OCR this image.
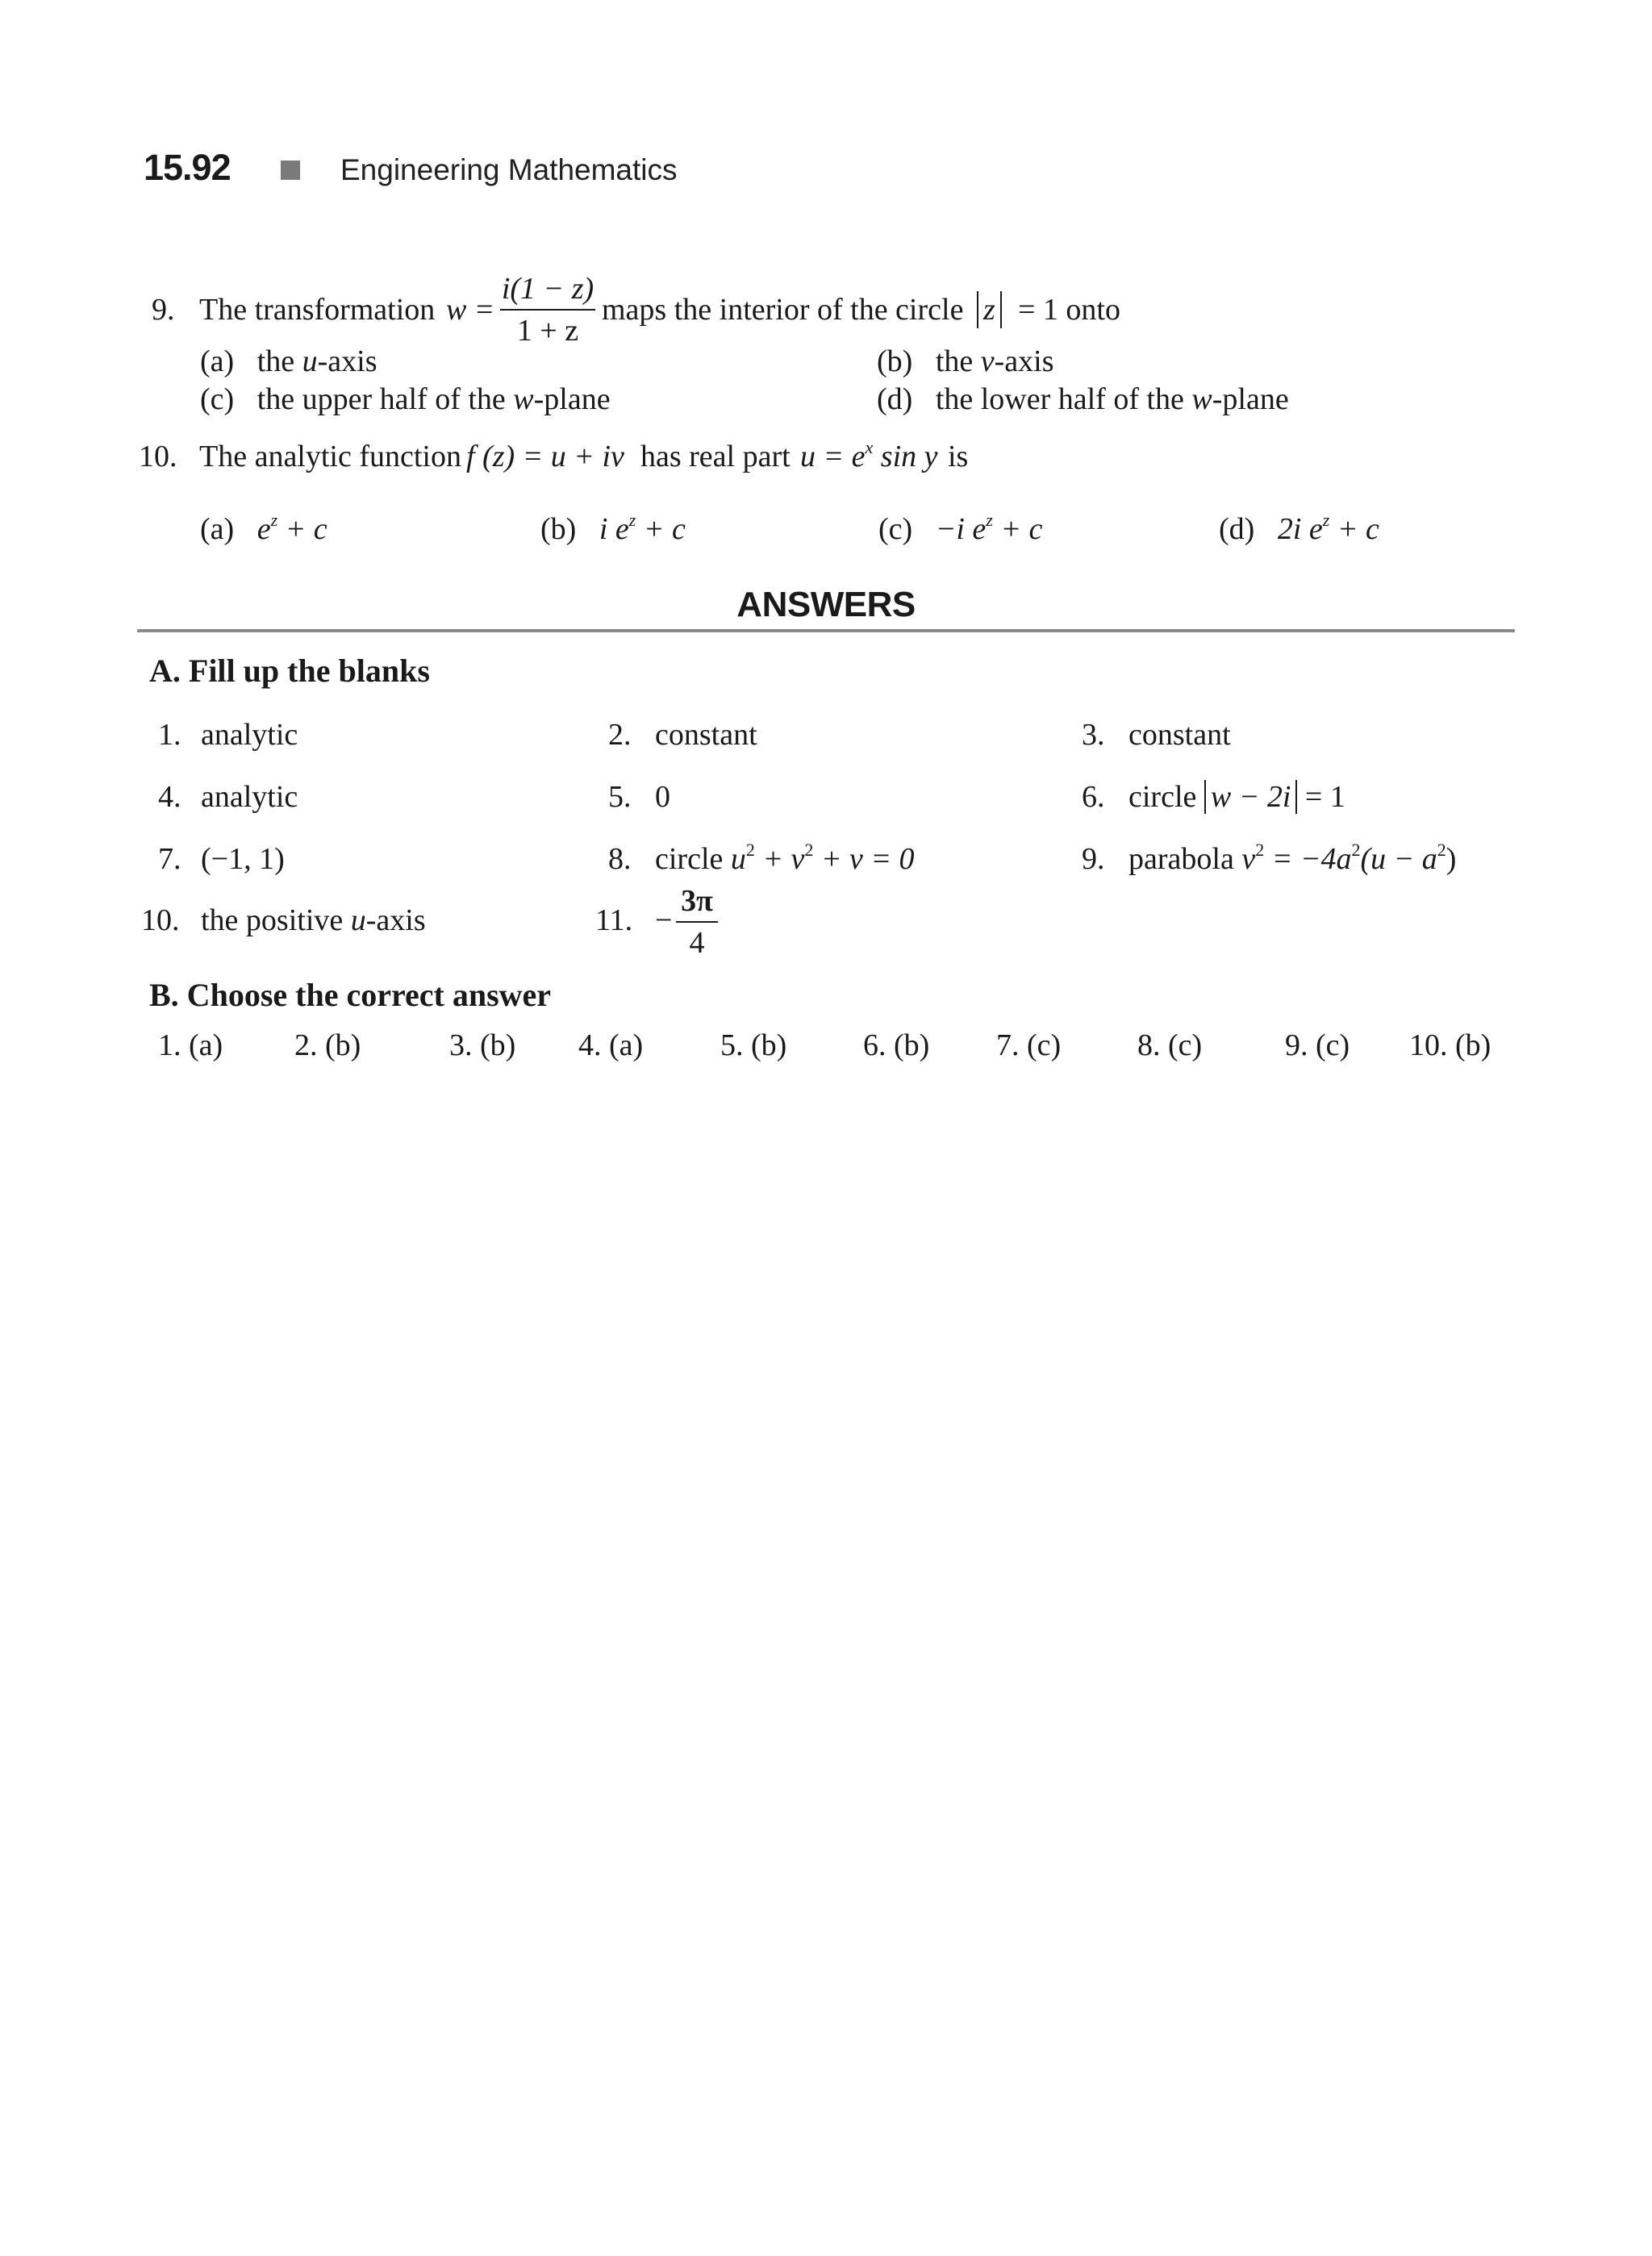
15.92	Engineering Mathematics
9. The transformation w =
i(1 − z)
1 + z
maps the interior of the circle z = 1 onto
(a) the u-axis	(b) the v-axis
(c) the upper half of the w-plane	(d) the lower half of the w-plane
10. The analytic function f (z) = u + iv has real part $u = e^x$ sin y is
(a) $e^z + c$	(b) i $e^z + c$	(c) −i $e^z + c$	(d) 2i $e^z + c$
ANSWERS
A. Fill up the blanks
1. analytic	2. constant	3. constant
4. analytic	5. 0	6. circle w − 2i = 1
7. (−1, 1)	8. circle $u^2 + v^2 + v = 0$	9. parabola $v^2 = -4a^2(u - a^2)$
10. the positive u-axis	11. −
3π
4
B. Choose the correct answer
1. (a) 2. (b)	3. (b) 4. (a)	5. (b) 6. (b) 7. (c) 8. (c)	9. (c) 10. (b)
